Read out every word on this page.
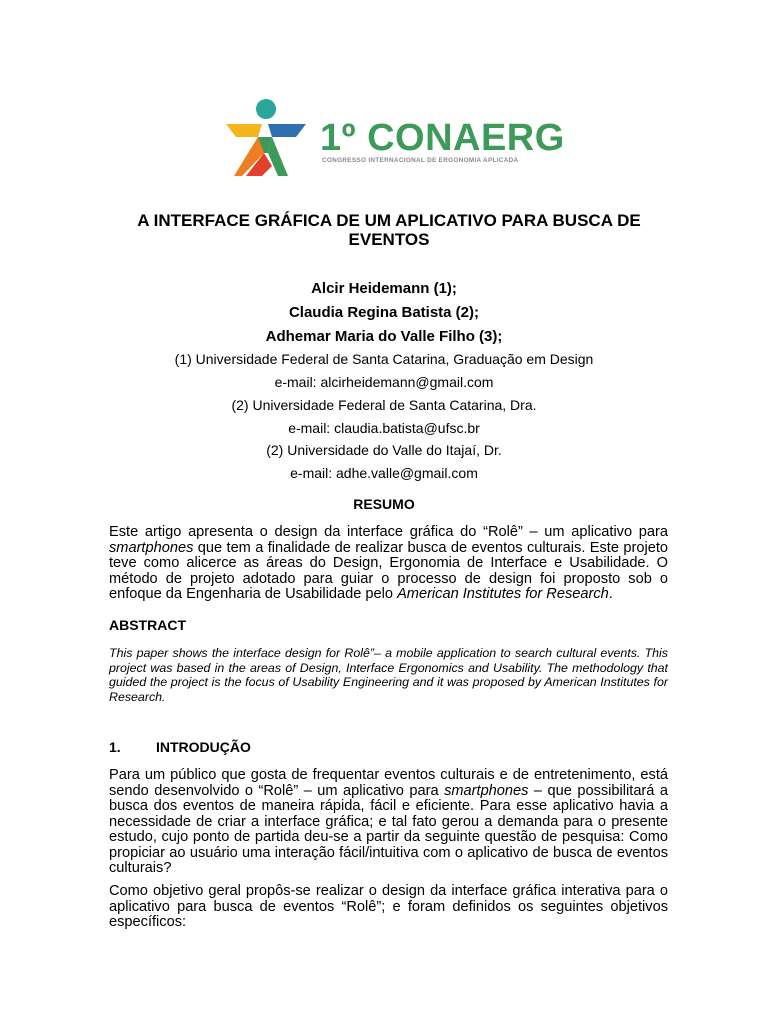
1º CONAERG
CONGRESSO INTERNACIONAL DE ERGONOMIA APLICADA
A INTERFACE GRÁFICA DE UM APLICATIVO PARA BUSCA DE EVENTOS
Alcir Heidemann (1);
Claudia Regina Batista (2);
Adhemar Maria do Valle Filho (3);
(1) Universidade Federal de Santa Catarina, Graduação em Design
e-mail: alcirheidemann@gmail.com
(2) Universidade Federal de Santa Catarina, Dra.
e-mail: claudia.batista@ufsc.br
(2) Universidade do Valle do Itajaí, Dr.
e-mail: adhe.valle@gmail.com
RESUMO
Este artigo apresenta o design da interface gráfica do “Rolê” – um aplicativo para smartphones que tem a finalidade de realizar busca de eventos culturais. Este projeto teve como alicerce as áreas do Design, Ergonomia de Interface e Usabilidade. O método de projeto adotado para guiar o processo de design foi proposto sob o enfoque da Engenharia de Usabilidade pelo American Institutes for Research.
ABSTRACT
This paper shows the interface design for Rolê”– a mobile application to search cultural events. This project was based in the areas of Design, Interface Ergonomics and Usability. The methodology that guided the project is the focus of Usability Engineering and it was proposed by American Institutes for Research.
1.	INTRODUÇÃO
Para um público que gosta de frequentar eventos culturais e de entretenimento, está sendo desenvolvido o “Rolê” – um aplicativo para smartphones – que possibilitará a busca dos eventos de maneira rápida, fácil e eficiente. Para esse aplicativo havia a necessidade de criar a interface gráfica; e tal fato gerou a demanda para o presente estudo, cujo ponto de partida deu-se a partir da seguinte questão de pesquisa: Como propiciar ao usuário uma interação fácil/intuitiva com o aplicativo de busca de eventos culturais?
Como objetivo geral propôs-se realizar o design da interface gráfica interativa para o aplicativo para busca de eventos “Rolê”; e foram definidos os seguintes objetivos específicos:
